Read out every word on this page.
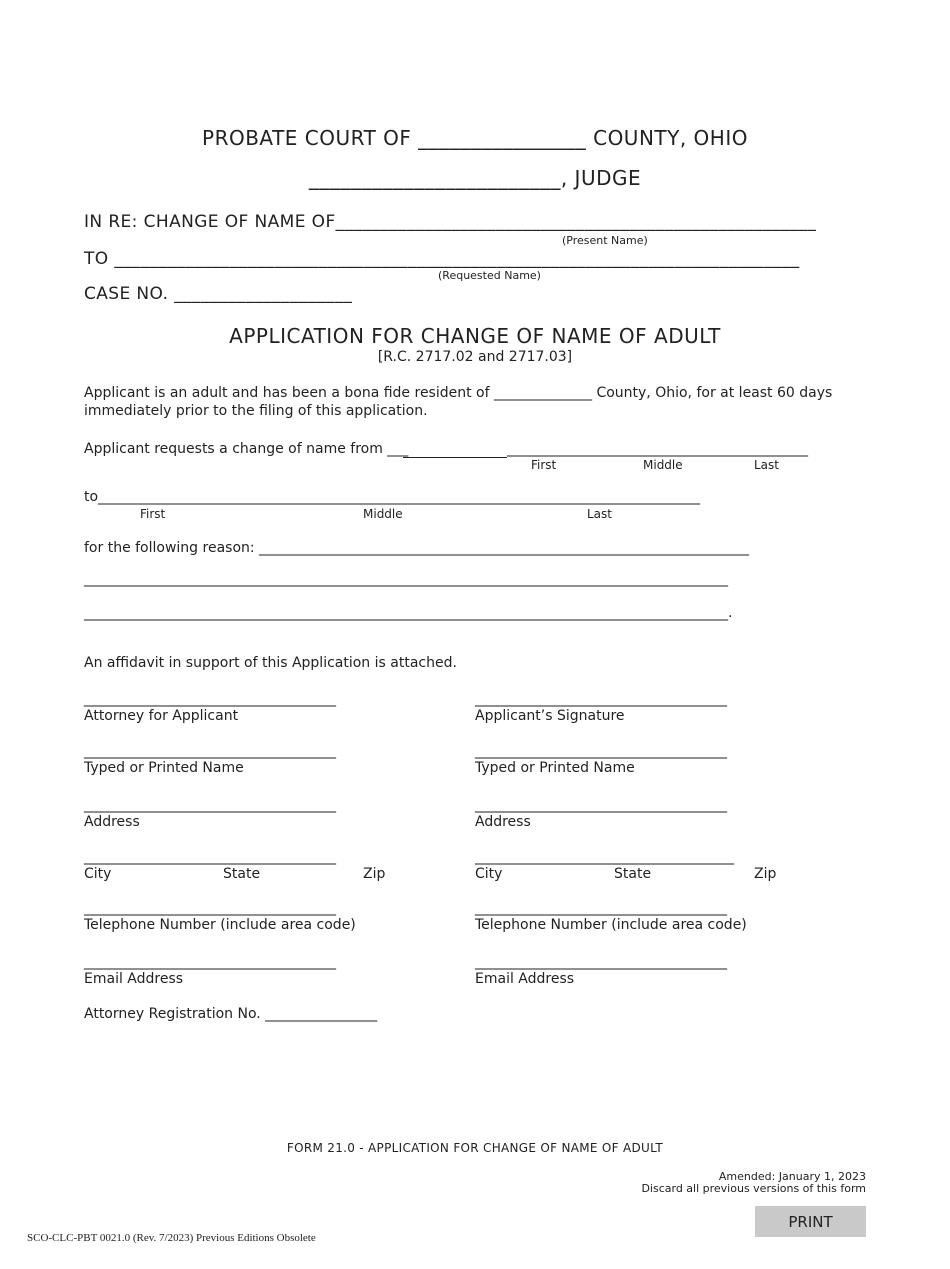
PROBATE COURT OF ________________ COUNTY, OHIO
________________________, JUDGE
IN RE: CHANGE OF NAME OF______________________________________________________
(Present Name)
TO _____________________________________________________________________________
(Requested Name)
CASE NO. ____________________
APPLICATION FOR CHANGE OF NAME OF ADULT
[R.C. 2717.02 and 2717.03]
Applicant is an adult and has been a bona fide resident of ______________ County, Ohio, for at least 60 days
immediately prior to the filing of this application.
Applicant requests a change of name from ___	___________________________________________
First	Middle	Last
to______________________________________________________________________________________
First	Middle	Last
for the following reason: ______________________________________________________________________
____________________________________________________________________________________________
____________________________________________________________________________________________.
An affidavit in support of this Application is attached.
____________________________________
Attorney for Applicant
____________________________________
Typed or Printed Name
____________________________________
Address
____________________________________
City	State	Zip
____________________________________
Telephone Number (include area code)
____________________________________
Email Address
Attorney Registration No. ________________
____________________________________
Applicant’s Signature
____________________________________
Typed or Printed Name
____________________________________
Address
_____________________________________
City	State	Zip
____________________________________
Telephone Number (include area code)
____________________________________
Email Address
FORM 21.0 - APPLICATION FOR CHANGE OF NAME OF ADULT
Amended: January 1, 2023
Discard all previous versions of this form
PRINT
SCO-CLC-PBT 0021.0 (Rev. 7/2023) Previous Editions Obsolete
